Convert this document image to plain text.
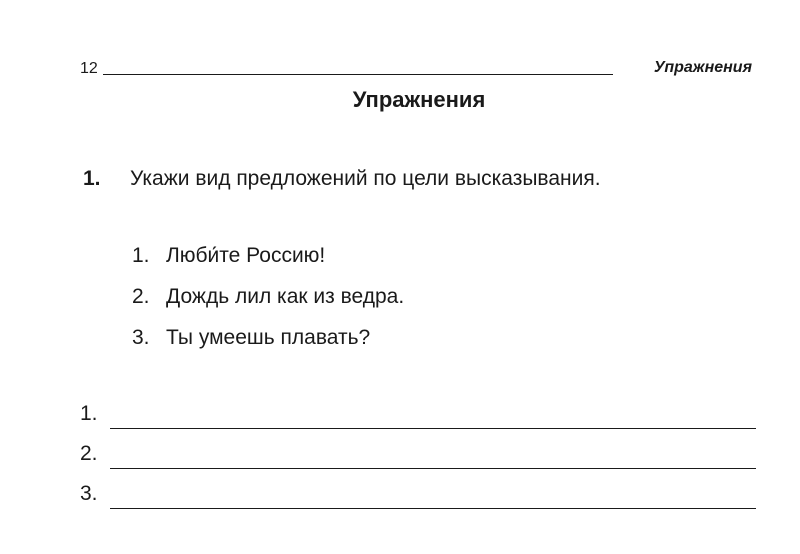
12	Упражнения
Упражнения
1. Укажи вид предложений по цели высказывания.
1. Люби́те Россию!
2. Дождь лил как из ведра.
3. Ты умеешь плавать?
1.
2.
3.
